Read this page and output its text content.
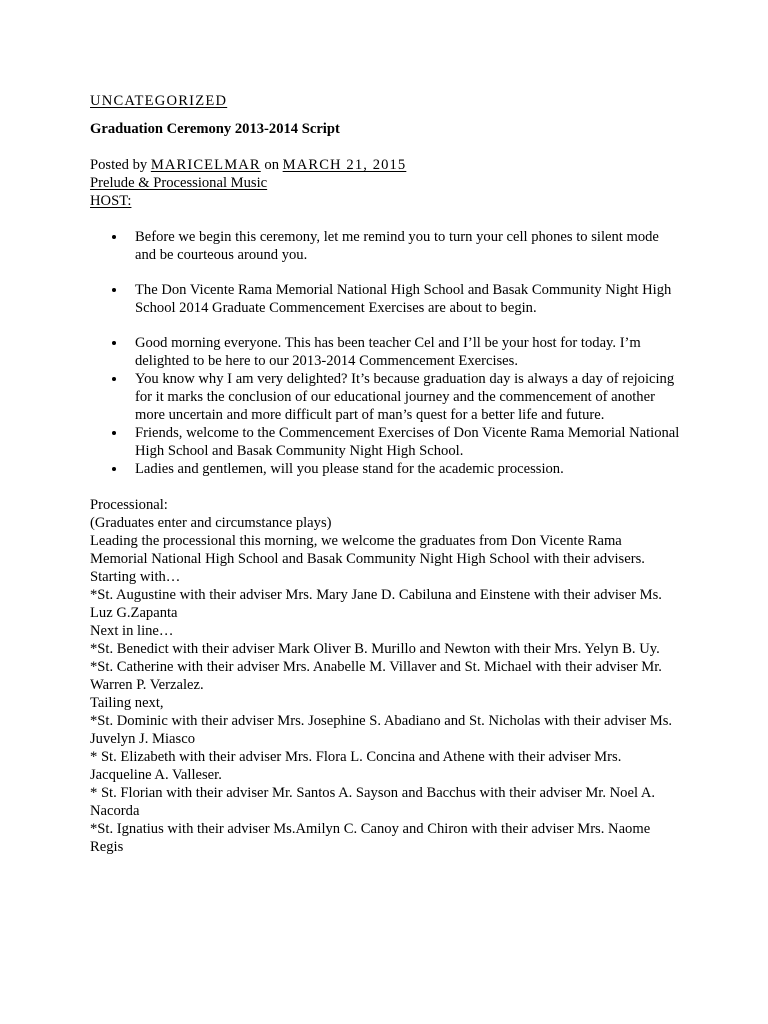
UNCATEGORIZED
Graduation Ceremony 2013-2014 Script
Posted by MARICELMAR on MARCH 21, 2015
Prelude & Processional Music
HOST:
Before we begin this ceremony, let me remind you to turn your cell phones to silent mode and be courteous around you.
The Don Vicente Rama Memorial National High School and Basak Community Night High School 2014 Graduate Commencement Exercises are about to begin.
Good morning everyone. This has been teacher Cel and I’ll be your host for today. I’m delighted to be here to our 2013-2014 Commencement Exercises.
You know why I am very delighted? It’s because graduation day is always a day of rejoicing for it marks the conclusion of our educational journey and the commencement of another more uncertain and more difficult part of man’s quest for a better life and future.
Friends, welcome to the Commencement Exercises of Don Vicente Rama Memorial National High School and Basak Community Night High School.
Ladies and gentlemen, will you please stand for the academic procession.
Processional:
(Graduates enter and circumstance plays)
Leading the processional this morning, we welcome the graduates from Don Vicente Rama Memorial National High School and Basak Community Night High School with their advisers.
Starting with…
*St. Augustine with their adviser Mrs. Mary Jane D. Cabiluna and Einstene with their adviser Ms. Luz G.Zapanta
Next in line…
*St. Benedict with their adviser Mark Oliver B. Murillo and Newton with their Mrs. Yelyn B. Uy.
*St. Catherine with their adviser Mrs. Anabelle M. Villaver and St. Michael with their adviser Mr. Warren P. Verzalez.
Tailing next,
*St. Dominic with their adviser Mrs. Josephine S. Abadiano and St. Nicholas with their adviser Ms. Juvelyn J. Miasco
* St. Elizabeth with their adviser Mrs. Flora L. Concina and Athene with their adviser Mrs. Jacqueline A. Valleser.
* St. Florian with their adviser Mr. Santos A. Sayson and Bacchus with their adviser Mr. Noel A. Nacorda
*St. Ignatius with their adviser Ms.Amilyn C. Canoy and Chiron with their adviser Mrs. Naome Regis
